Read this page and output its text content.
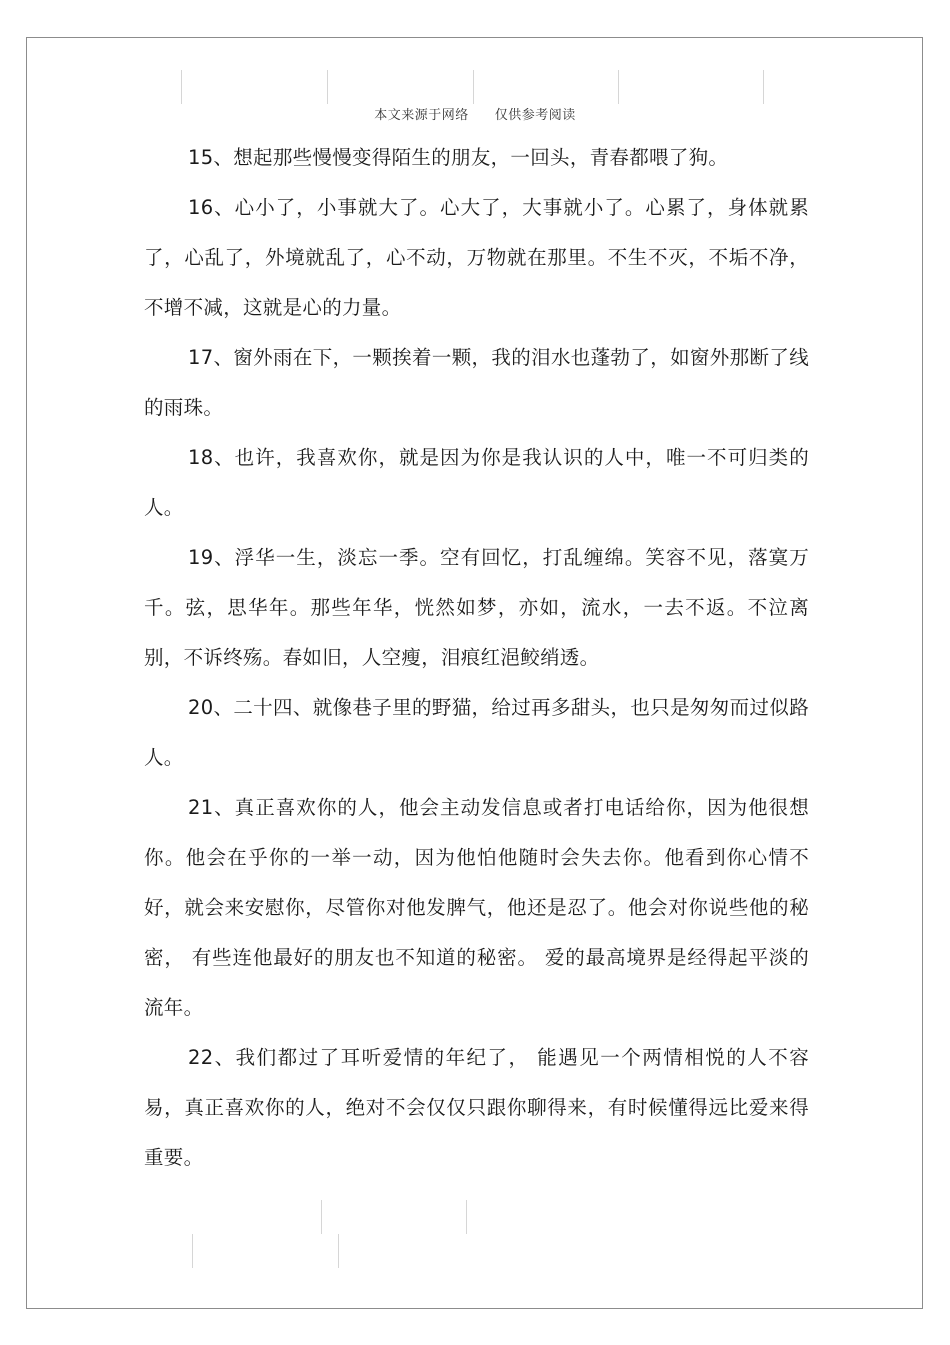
本文来源于网络 仅供参考阅读

15、想起那些慢慢变得陌生的朋友，一回头，青春都喂了狗。

16、心小了，小事就大了。心大了，大事就小了。心累了，身体就累了，心乱了，外境就乱了，心不动，万物就在那里。不生不灭，不垢不净，不增不减，这就是心的力量。

17、窗外雨在下，一颗挨着一颗，我的泪水也蓬勃了，如窗外那断了线的雨珠。

18、也许，我喜欢你，就是因为你是我认识的人中，唯一不可归类的人。

19、浮华一生，淡忘一季。空有回忆，打乱缠绵。笑容不见，落寞万千。弦，思华年。那些年华，恍然如梦，亦如，流水，一去不返。不泣离别，不诉终殇。春如旧，人空瘦，泪痕红浥鲛绡透。

20、二十四、就像巷子里的野猫，给过再多甜头，也只是匆匆而过似路人。

21、真正喜欢你的人，他会主动发信息或者打电话给你，因为他很想你。他会在乎你的一举一动，因为他怕他随时会失去你。他看到你心情不好，就会来安慰你，尽管你对他发脾气，他还是忍了。他会对你说些他的秘密， 有些连他最好的朋友也不知道的秘密。 爱的最高境界是经得起平淡的流年。

22、我们都过了耳听爱情的年纪了， 能遇见一个两情相悦的人不容易，真正喜欢你的人，绝对不会仅仅只跟你聊得来，有时候懂得远比爱来得重要。
